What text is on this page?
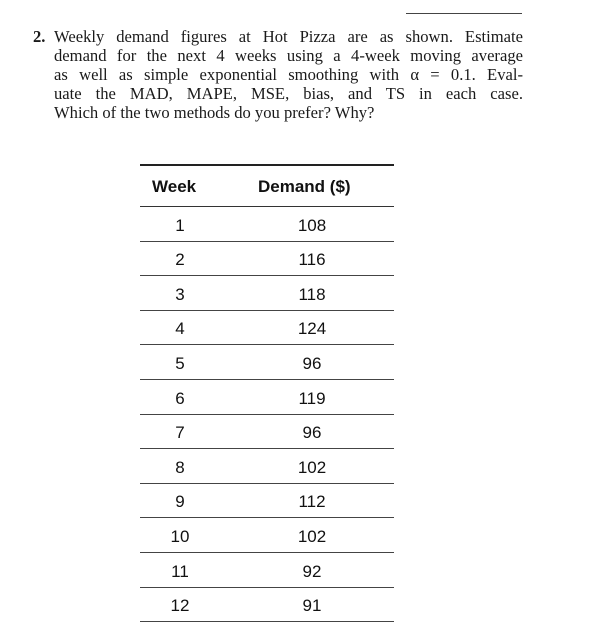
2. Weekly demand figures at Hot Pizza are as shown. Estimate
demand for the next 4 weeks using a 4-week moving average
as well as simple exponential smoothing with α = 0.1. Eval-
uate the MAD, MAPE, MSE, bias, and TS in each case.
Which of the two methods do you prefer? Why?
Week	Demand ($)
1	108
2	116
3	118
4	124
5	96
6	119
7	96
8	102
9	112
10	102
11	92
12	91
